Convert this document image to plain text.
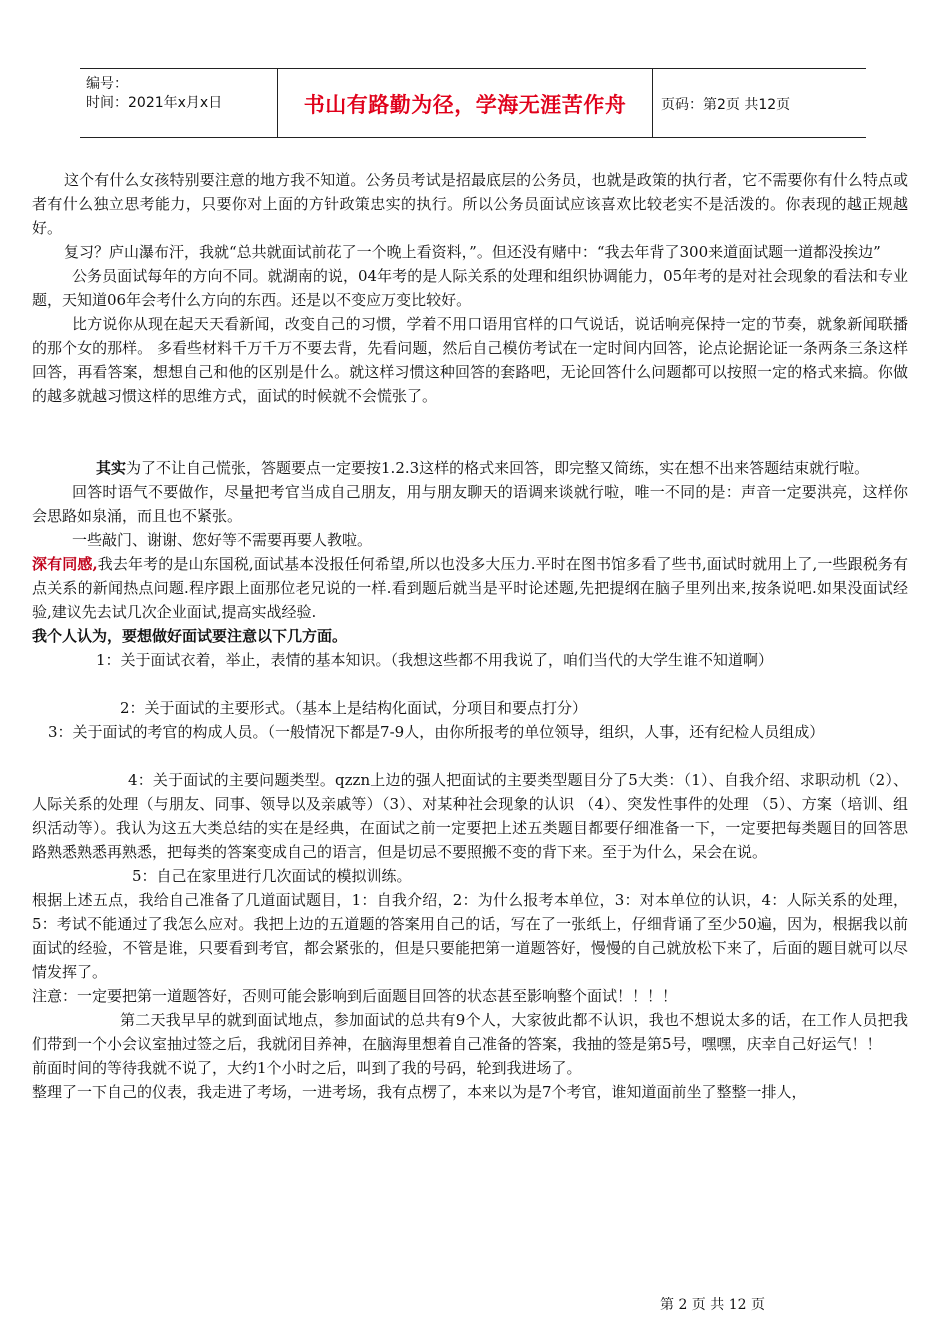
编号：
时间：2021年x月x日	书山有路勤为径，学海无涯苦作舟	页码：第2页 共12页

这个有什么女孩特别要注意的地方我不知道。公务员考试是招最底层的公务员，也就是政策的执行者，它不需要你有什么特点或者有什么独立思考能力，只要你对上面的方针政策忠实的执行。所以公务员面试应该喜欢比较老实不是活泼的。你表现的越正规越好。

复习？庐山瀑布汗，我就“总共就面试前花了一个晚上看资料，”。但还没有赌中：“我去年背了300来道面试题一道都没挨边”

公务员面试每年的方向不同。就湖南的说，04年考的是人际关系的处理和组织协调能力，05年考的是对社会现象的看法和专业题，天知道06年会考什么方向的东西。还是以不变应万变比较好。

比方说你从现在起天天看新闻，改变自己的习惯，学着不用口语用官样的口气说话，说话响亮保持一定的节奏，就象新闻联播的那个女的那样。 多看些材料千万千万不要去背，先看问题，然后自己模仿考试在一定时间内回答，论点论据论证一条两条三条这样回答，再看答案，想想自己和他的区别是什么。就这样习惯这种回答的套路吧，无论回答什么问题都可以按照一定的格式来搞。你做的越多就越习惯这样的思维方式，面试的时候就不会慌张了。

其实为了不让自己慌张，答题要点一定要按1.2.3这样的格式来回答，即完整又简练，实在想不出来答题结束就行啦。

回答时语气不要做作，尽量把考官当成自己朋友，用与朋友聊天的语调来谈就行啦，唯一不同的是：声音一定要洪亮，这样你会思路如泉涌，而且也不紧张。

一些敲门、谢谢、您好等不需要再要人教啦。

深有同感,我去年考的是山东国税,面试基本没报任何希望,所以也没多大压力.平时在图书馆多看了些书,面试时就用上了,一些跟税务有点关系的新闻热点问题.程序跟上面那位老兄说的一样.看到题后就当是平时论述题,先把提纲在脑子里列出来,按条说吧.如果没面试经验,建议先去试几次企业面试,提高实战经验.

我个人认为，要想做好面试要注意以下几方面。

1：关于面试衣着，举止，表情的基本知识。（我想这些都不用我说了，咱们当代的大学生谁不知道啊）

2：关于面试的主要形式。（基本上是结构化面试，分项目和要点打分）

3：关于面试的考官的构成人员。（一般情况下都是7-9人，由你所报考的单位领导，组织，人事，还有纪检人员组成）

4：关于面试的主要问题类型。qzzn上边的强人把面试的主要类型题目分了5大类：（1）、自我介绍、求职动机（2）、人际关系的处理（与朋友、同事、领导以及亲戚等）（3）、对某种社会现象的认识 （4）、突发性事件的处理 （5）、方案（培训、组织活动等）。我认为这五大类总结的实在是经典，在面试之前一定要把上述五类题目都要仔细准备一下，一定要把每类题目的回答思路熟悉熟悉再熟悉，把每类的答案变成自己的语言，但是切忌不要照搬不变的背下来。至于为什么，呆会在说。

5：自己在家里进行几次面试的模拟训练。

根据上述五点，我给自己准备了几道面试题目，1：自我介绍，2：为什么报考本单位，3：对本单位的认识，4：人际关系的处理，5：考试不能通过了我怎么应对。我把上边的五道题的答案用自己的话，写在了一张纸上，仔细背诵了至少50遍，因为，根据我以前面试的经验，不管是谁，只要看到考官，都会紧张的，但是只要能把第一道题答好，慢慢的自己就放松下来了，后面的题目就可以尽情发挥了。

注意：一定要把第一道题答好，否则可能会影响到后面题目回答的状态甚至影响整个面试！！！！

第二天我早早的就到面试地点，参加面试的总共有9个人，大家彼此都不认识，我也不想说太多的话，在工作人员把我们带到一个小会议室抽过签之后，我就闭目养神，在脑海里想着自己准备的答案，我抽的签是第5号，嘿嘿，庆幸自己好运气！！

前面时间的等待我就不说了，大约1个小时之后，叫到了我的号码，轮到我进场了。

整理了一下自己的仪表，我走进了考场，一进考场，我有点楞了，本来以为是7个考官，谁知道面前坐了整整一排人，

第 2 页 共 12 页
